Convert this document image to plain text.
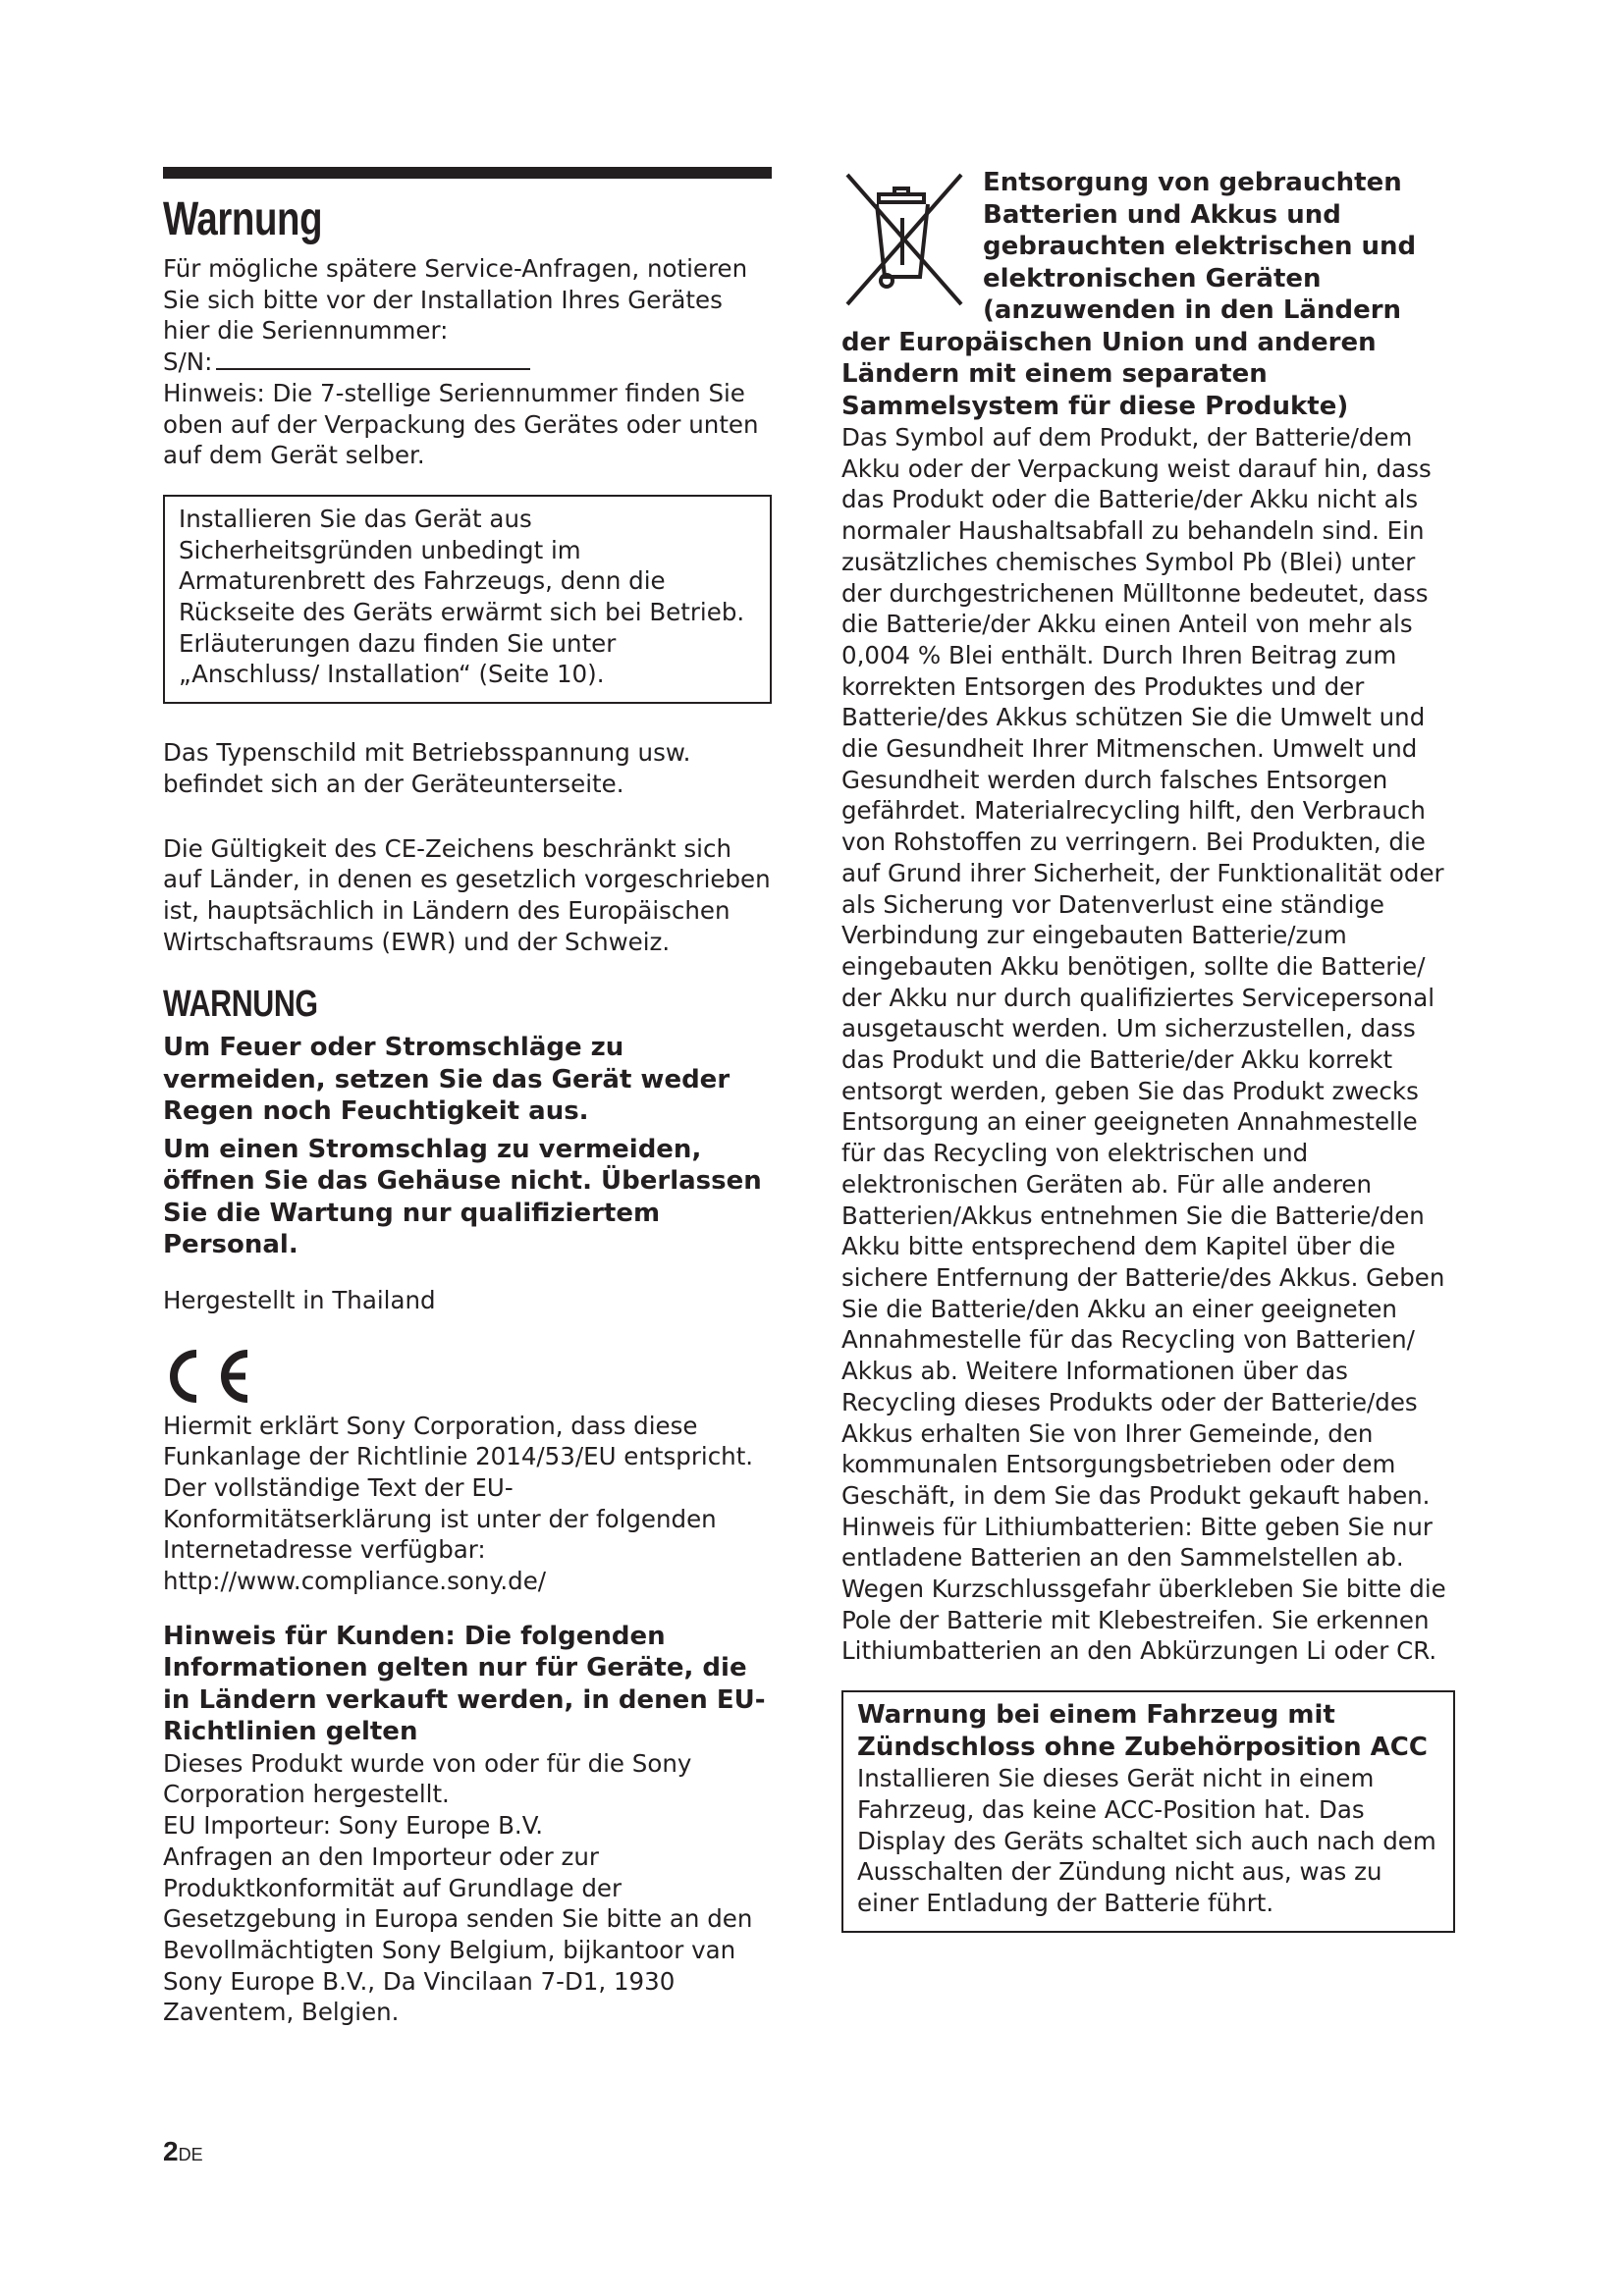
Warnung

Für mögliche spätere Service-Anfragen, notieren Sie sich bitte vor der Installation Ihres Gerätes hier die Seriennummer:

S/N:

Hinweis: Die 7-stellige Seriennummer finden Sie oben auf der Verpackung des Gerätes oder unten auf dem Gerät selber.

Installieren Sie das Gerät aus Sicherheitsgründen unbedingt im Armaturenbrett des Fahrzeugs, denn die Rückseite des Geräts erwärmt sich bei Betrieb.

Erläuterungen dazu finden Sie unter „Anschluss/ Installation“ (Seite 10).

Das Typenschild mit Betriebsspannung usw. befindet sich an der Geräteunterseite.

Die Gültigkeit des CE-Zeichens beschränkt sich auf Länder, in denen es gesetzlich vorgeschrieben ist, hauptsächlich in Ländern des Europäischen Wirtschaftsraums (EWR) und der Schweiz.

WARNUNG

Um Feuer oder Stromschläge zu vermeiden, setzen Sie das Gerät weder Regen noch Feuchtigkeit aus.

Um einen Stromschlag zu vermeiden, öffnen Sie das Gehäuse nicht. Überlassen Sie die Wartung nur qualifiziertem Personal.

Hergestellt in Thailand

Hiermit erklärt Sony Corporation, dass diese Funkanlage der Richtlinie 2014/53/EU entspricht. Der vollständige Text der EU-Konformitätserklärung ist unter der folgenden Internetadresse verfügbar: http://www.compliance.sony.de/

Hinweis für Kunden: Die folgenden Informationen gelten nur für Geräte, die in Ländern verkauft werden, in denen EU-Richtlinien gelten

Dieses Produkt wurde von oder für die Sony Corporation hergestellt.

EU Importeur: Sony Europe B.V.

Anfragen an den Importeur oder zur Produktkonformität auf Grundlage der Gesetzgebung in Europa senden Sie bitte an den Bevollmächtigten Sony Belgium, bijkantoor van Sony Europe B.V., Da Vincilaan 7-D1, 1930 Zaventem, Belgien.

Entsorgung von gebrauchten Batterien und Akkus und gebrauchten elektrischen und elektronischen Geräten (anzuwenden in den Ländern der Europäischen Union und anderen Ländern mit einem separaten Sammelsystem für diese Produkte)

Das Symbol auf dem Produkt, der Batterie/dem Akku oder der Verpackung weist darauf hin, dass das Produkt oder die Batterie/der Akku nicht als normaler Haushaltsabfall zu behandeln sind. Ein zusätzliches chemisches Symbol Pb (Blei) unter der durchgestrichenen Mülltonne bedeutet, dass die Batterie/der Akku einen Anteil von mehr als 0,004 % Blei enthält. Durch Ihren Beitrag zum korrekten Entsorgen des Produktes und der Batterie/des Akkus schützen Sie die Umwelt und die Gesundheit Ihrer Mitmenschen. Umwelt und Gesundheit werden durch falsches Entsorgen gefährdet. Materialrecycling hilft, den Verbrauch von Rohstoffen zu verringern. Bei Produkten, die auf Grund ihrer Sicherheit, der Funktionalität oder als Sicherung vor Datenverlust eine ständige Verbindung zur eingebauten Batterie/zum eingebauten Akku benötigen, sollte die Batterie/ der Akku nur durch qualifiziertes Servicepersonal ausgetauscht werden. Um sicherzustellen, dass das Produkt und die Batterie/der Akku korrekt entsorgt werden, geben Sie das Produkt zwecks Entsorgung an einer geeigneten Annahmestelle für das Recycling von elektrischen und elektronischen Geräten ab. Für alle anderen Batterien/Akkus entnehmen Sie die Batterie/den Akku bitte entsprechend dem Kapitel über die sichere Entfernung der Batterie/des Akkus. Geben Sie die Batterie/den Akku an einer geeigneten Annahmestelle für das Recycling von Batterien/ Akkus ab. Weitere Informationen über das Recycling dieses Produkts oder der Batterie/des Akkus erhalten Sie von Ihrer Gemeinde, den kommunalen Entsorgungsbetrieben oder dem Geschäft, in dem Sie das Produkt gekauft haben.

Hinweis für Lithiumbatterien: Bitte geben Sie nur entladene Batterien an den Sammelstellen ab. Wegen Kurzschlussgefahr überkleben Sie bitte die Pole der Batterie mit Klebestreifen. Sie erkennen Lithiumbatterien an den Abkürzungen Li oder CR.

Warnung bei einem Fahrzeug mit Zündschloss ohne Zubehörposition ACC

Installieren Sie dieses Gerät nicht in einem Fahrzeug, das keine ACC-Position hat. Das Display des Geräts schaltet sich auch nach dem Ausschalten der Zündung nicht aus, was zu einer Entladung der Batterie führt.

2DE
